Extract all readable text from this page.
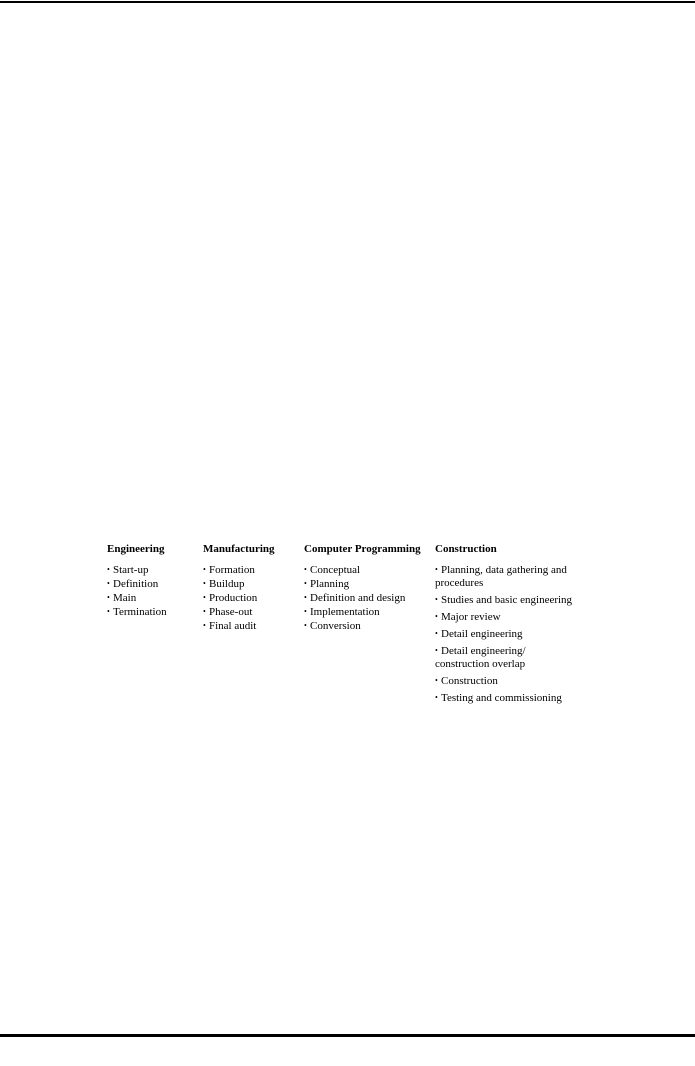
Engineering
• Start-up
• Definition
• Main
• Termination
Manufacturing
• Formation
• Buildup
• Production
• Phase-out
• Final audit
Computer Programming
• Conceptual
• Planning
• Definition and design
• Implementation
• Conversion
Construction
• Planning, data gathering and procedures
• Studies and basic engineering
• Major review
• Detail engineering
• Detail engineering/ construction overlap
• Construction
• Testing and commissioning
